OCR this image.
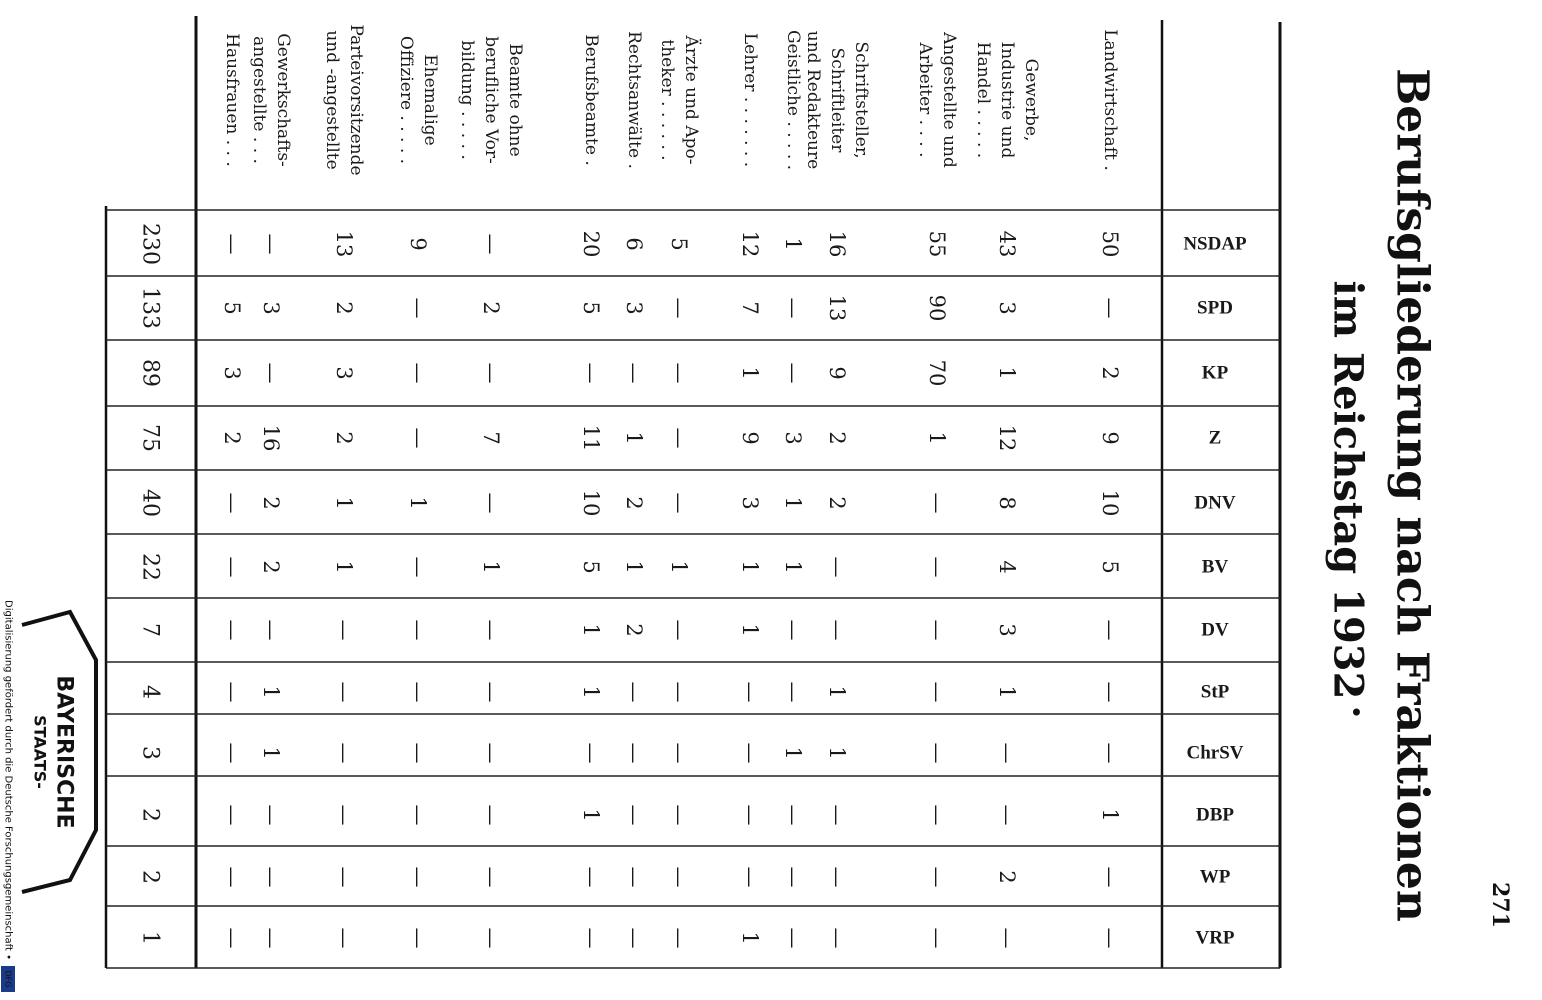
Berufsgliederung nach Fraktionen
im Reichstag 1932
•
271
NSDAP
SPD
KP
Z
DNV
BV
DV
StP
ChrSV
DBP
WP
VRP
Landwirtschaft .
Gewerbe,
Industrie und
Handel . . . . .
Angestellte und
Arbeiter . . . .
Schriftsteller,
Schriftleiter
und Redakteure
Geistliche . . . . .
Lehrer . . . . . . .
Ärzte und Apo-
theker . . . . . .
Rechtsanwälte .
Berufsbeamte .
Beamte ohne
berufliche Vor-
bildung . . . . .
Ehemalige
Offiziere . . . . .
Parteivorsitzende
und -angestellte
Gewerkschafts-
angestellte . . .
Hausfrauen . . .
50
—
2
9
10
5
—
—
—
1
—
—
43
3
1
12
8
4
3
1
—
—
2
—
55
90
70
1
—
—
—
—
—
—
—
—
16
13
9
2
2
—
—
1
1
—
—
—
1
—
—
3
1
1
—
—
1
—
—
—
12
7
1
9
3
1
1
—
—
—
—
1
5
—
—
—
—
1
—
—
—
—
—
—
6
3
—
1
2
1
2
—
—
—
—
—
20
5
—
11
10
5
1
1
—
1
—
—
—
2
—
7
—
1
—
—
—
—
—
—
9
—
—
—
1
—
—
—
—
—
—
—
13
2
3
2
1
1
—
—
—
—
—
—
—
3
—
16
2
2
—
1
1
—
—
—
—
5
3
2
—
—
—
—
—
—
—
—
230
133
89
75
40
22
7
4
3
2
2
1
BAYERISCHE
STAATS-
Digitalisierung gefördert durch die Deutsche Forschungsgemeinschaft •
DFG
